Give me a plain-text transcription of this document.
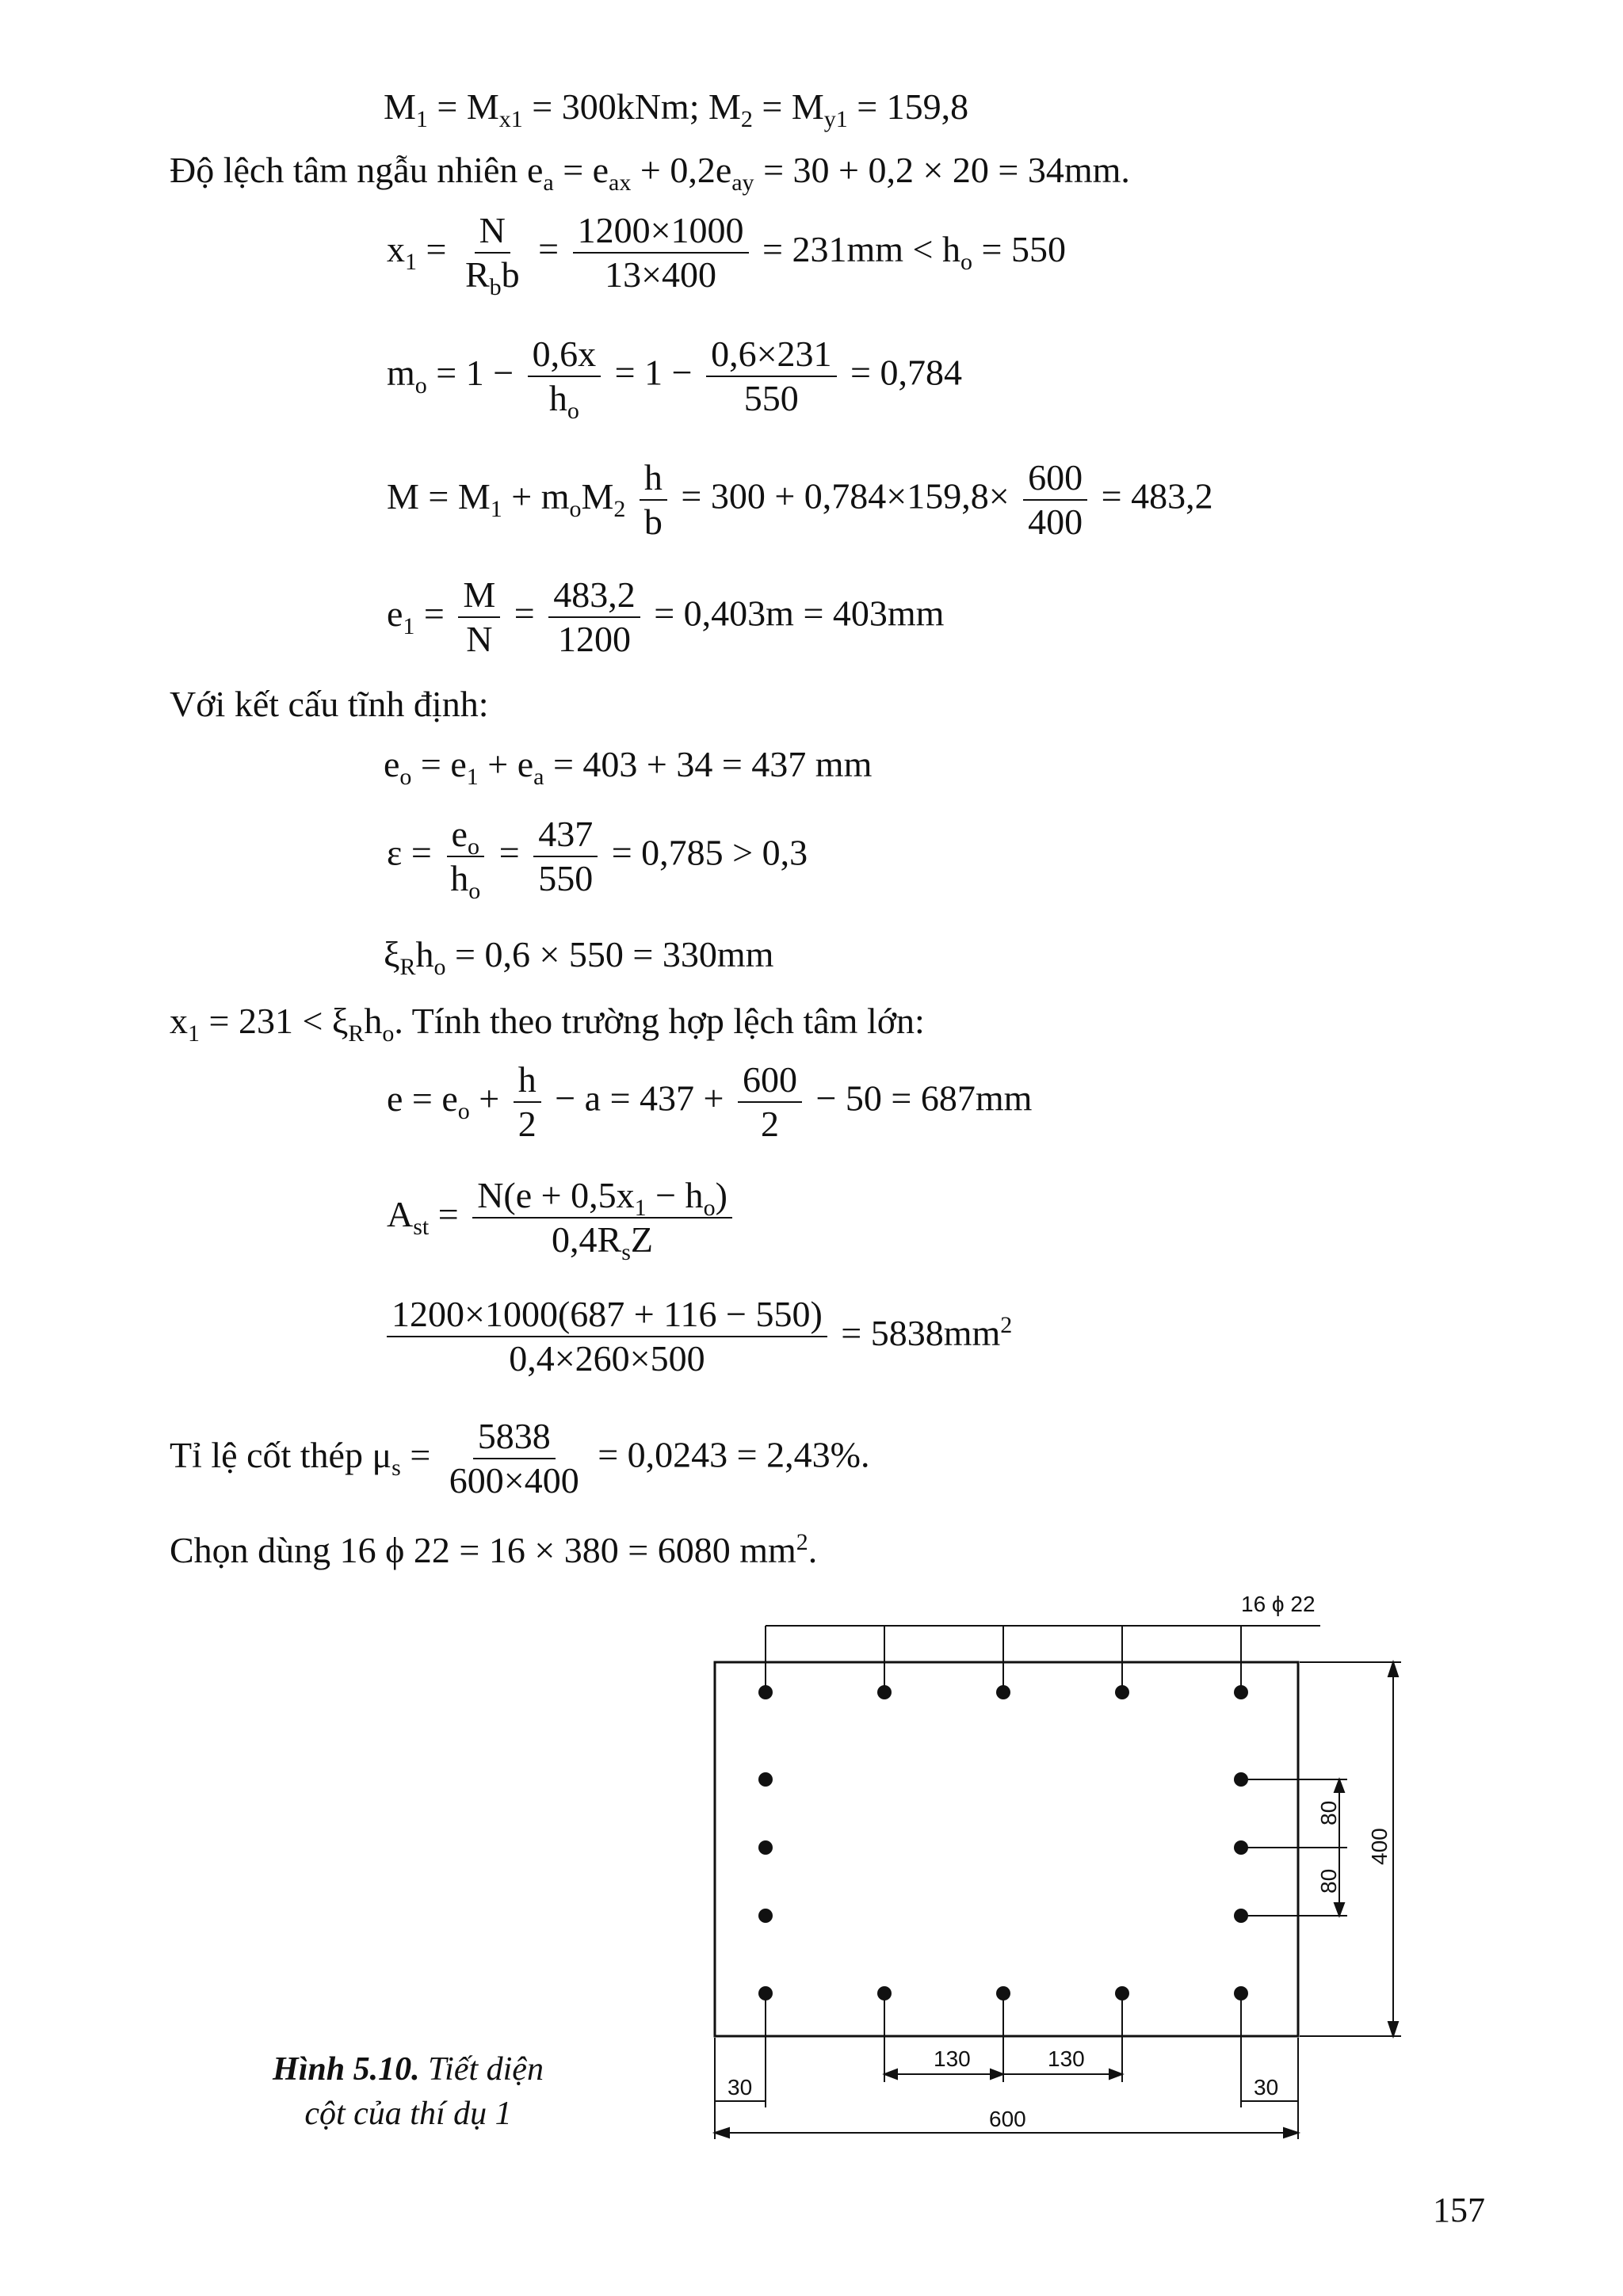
$M_1 = M_{x1} = 300kNm$; $M_2 = M_{y1} = 159,8$
Độ lệch tâm ngẫu nhiên $e_a = e_{ax} + 0,2e_{ay} = 30 + 0,2 \times 20 = 34mm$.
$x_1 = \frac{N}{R_bb} = \frac{1200\times 1000}{13\times 400} = 231mm < h_o = 550$
$m_o = 1 - \frac{0,6x}{h_o} = 1 - \frac{0,6\times 231}{550} = 0,784$
$M = M_1 + m_oM_2 \frac{h}{b} = 300 + 0,784\times 159,8\times \frac{600}{400} = 483,2$
$e_1 = \frac{M}{N} = \frac{483,2}{1200} = 0,403m = 403mm$
Với kết cấu tĩnh định:
$e_o = e_1 + e_a = 403 + 34 = 437$ mm
$\varepsilon = \frac{e_o}{h_o} = \frac{437}{550} = 0,785 > 0,3$
$\xi_Rh_o = 0,6 \times 550 = 330mm$
$x_1 = 231 < \xi_Rh_o$. Tính theo trường hợp lệch tâm lớn:
$e = e_o + \frac{h}{2} - a = 437 + \frac{600}{2} - 50 = 687mm$
$A_{st} = \frac{N(e + 0,5x_1 - h_o)}{0,4R_sZ}$
$\frac{1200\times 1000(687 + 116 - 550)}{0,4\times 260\times 500} = 5838mm^2$
Tỉ lệ cốt thép $\mu_s = \frac{5838}{600\times 400} = 0,0243 = 2,43\%$.
Chọn dùng 16 ϕ 22 = 16 × 380 = 6080 $mm^2$.
Hình 5.10. Tiết diện
cột của thí dụ 1
16 ϕ 22
80
80
400
130	130
30	30
600
157
